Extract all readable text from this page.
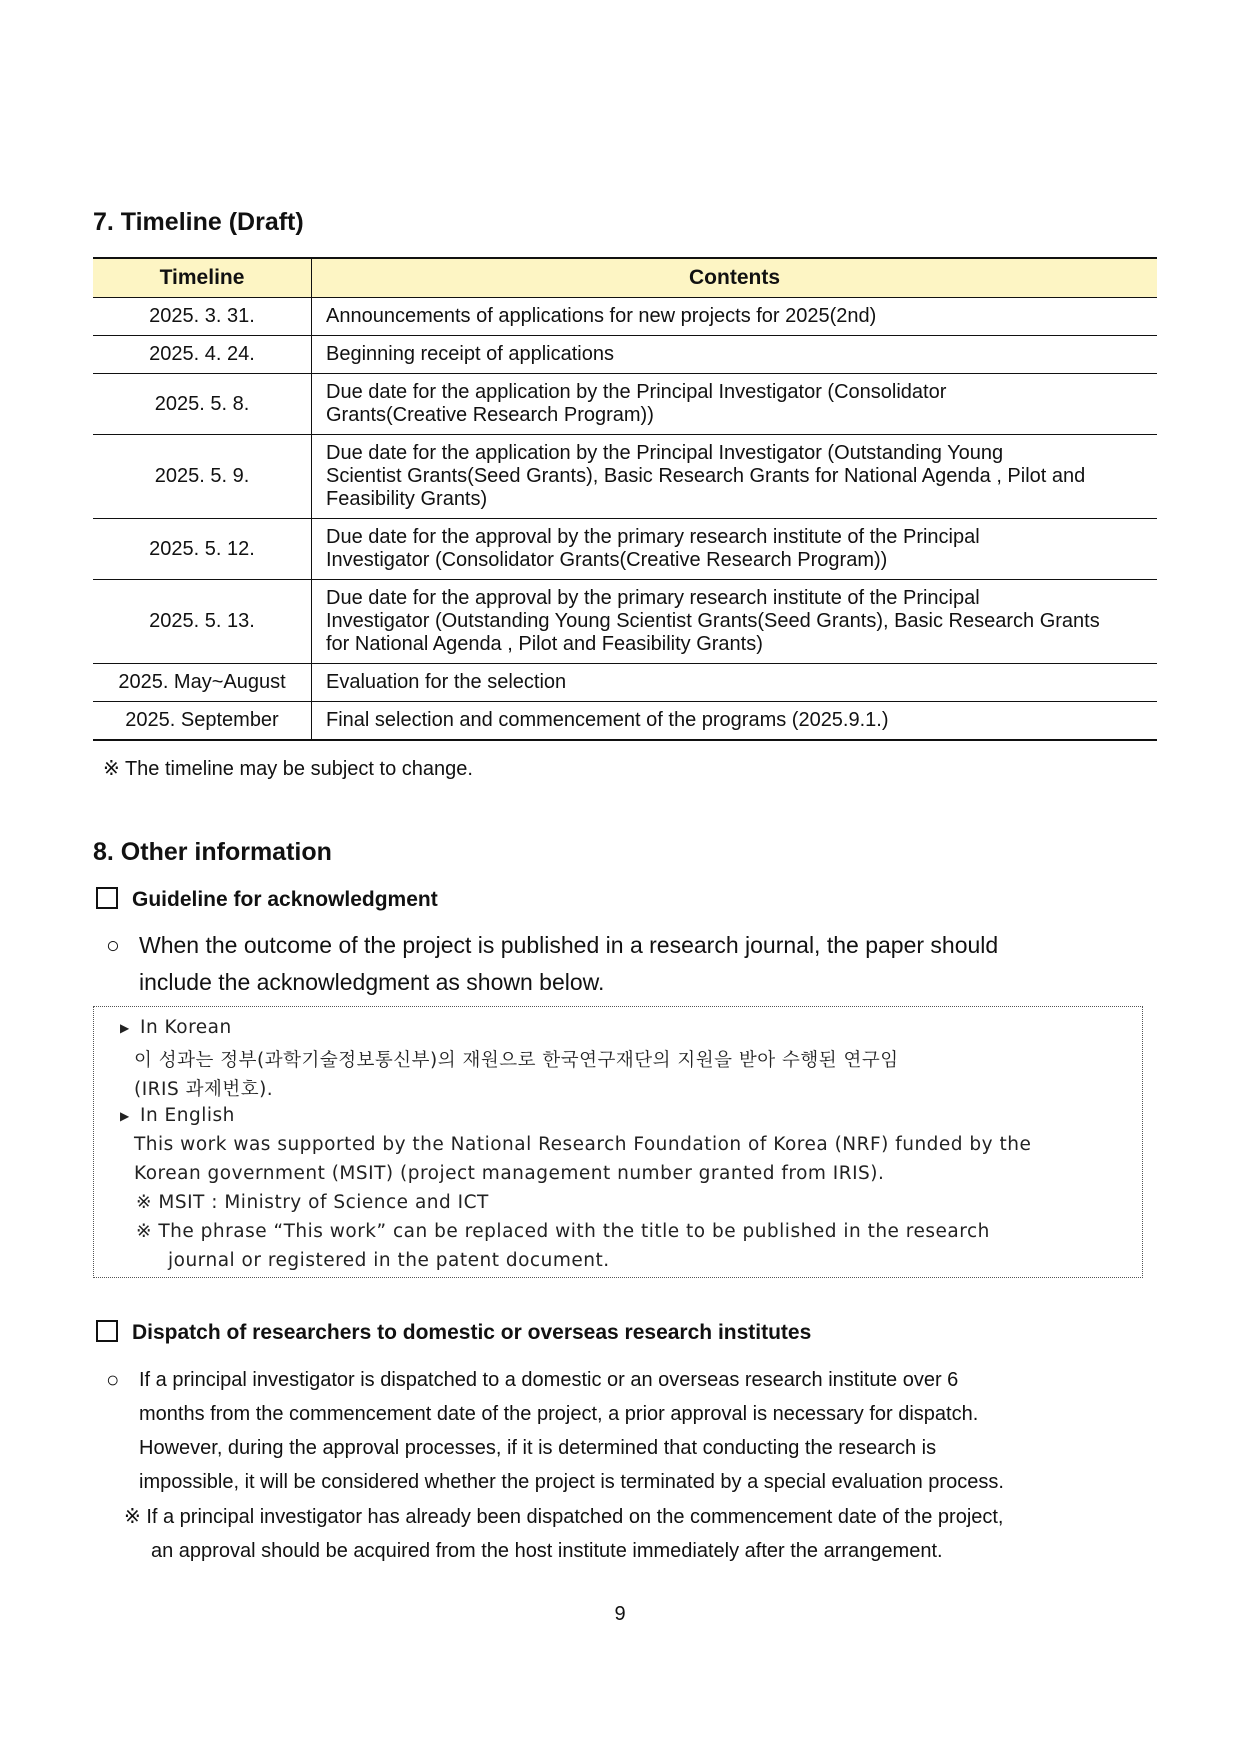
7. Timeline (Draft)
Timeline	Contents
2025. 3. 31.	Announcements of applications for new projects for 2025(2nd)

2025. 4. 24.	Beginning receipt of applications

2025. 5. 8.	Due date for the application by the Principal Investigator (Consolidator
Grants(Creative Research Program))

2025. 5. 9.	Due date for the application by the Principal Investigator (Outstanding Young
Scientist Grants(Seed Grants), Basic Research Grants for National Agenda , Pilot and
Feasibility Grants)

2025. 5. 12.	Due date for the approval by the primary research institute of the Principal
Investigator (Consolidator Grants(Creative Research Program))

2025. 5. 13.	Due date for the approval by the primary research institute of the Principal
Investigator (Outstanding Young Scientist Grants(Seed Grants), Basic Research Grants
for National Agenda , Pilot and Feasibility Grants)

2025. May~August	Evaluation for the selection

2025. September	Final selection and commencement of the programs (2025.9.1.)
※ The timeline may be subject to change.
8. Other information
Guideline for acknowledgment
○ When the outcome of the project is published in a research journal, the paper should
include the acknowledgment as shown below.
▶ In Korean
이 성과는 정부(과학기술정보통신부)의 재원으로 한국연구재단의 지원을 받아 수행된 연구임
(IRIS 과제번호).
▶ In English
This work was supported by the National Research Foundation of Korea (NRF) funded by the
Korean government (MSIT) (project management number granted from IRIS).
※ MSIT : Ministry of Science and ICT
※ The phrase “This work” can be replaced with the title to be published in the research
journal or registered in the patent document.
Dispatch of researchers to domestic or overseas research institutes
○ If a principal investigator is dispatched to a domestic or an overseas research institute over 6
months from the commencement date of the project, a prior approval is necessary for dispatch.
However, during the approval processes, if it is determined that conducting the research is
impossible, it will be considered whether the project is terminated by a special evaluation process.
※ If a principal investigator has already been dispatched on the commencement date of the project,
an approval should be acquired from the host institute immediately after the arrangement.
9
